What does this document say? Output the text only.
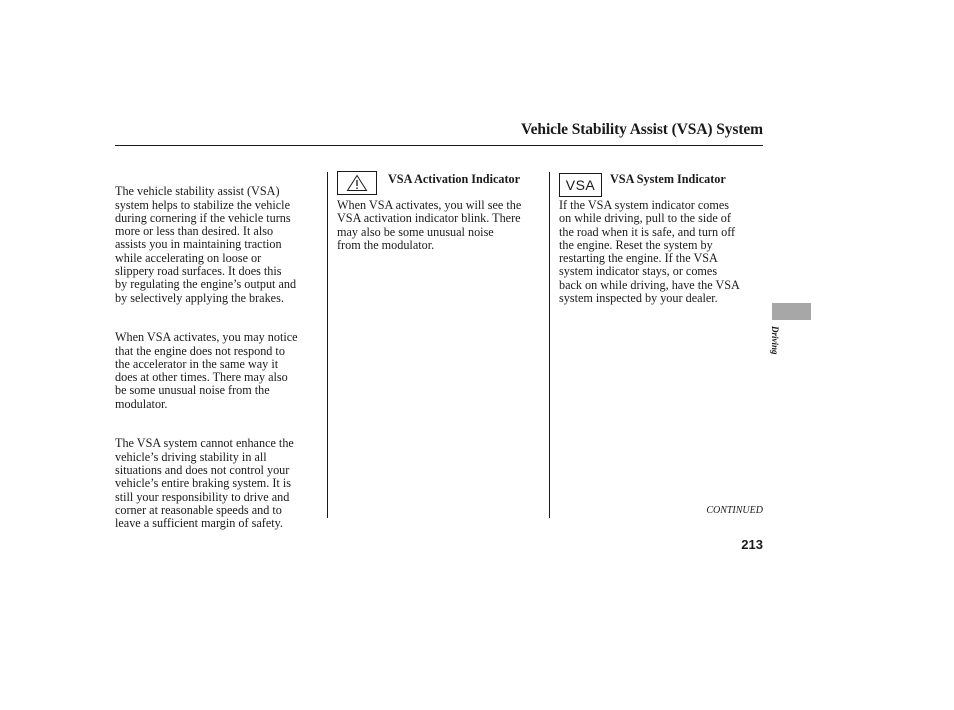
Vehicle Stability Assist (VSA) System

The vehicle stability assist (VSA)
system helps to stabilize the vehicle
during cornering if the vehicle turns
more or less than desired. It also
assists you in maintaining traction
while accelerating on loose or
slippery road surfaces. It does this
by regulating the engine’s output and
by selectively applying the brakes.

When VSA activates, you may notice
that the engine does not respond to
the accelerator in the same way it
does at other times. There may also
be some unusual noise from the
modulator.

The VSA system cannot enhance the
vehicle’s driving stability in all
situations and does not control your
vehicle’s entire braking system. It is
still your responsibility to drive and
corner at reasonable speeds and to
leave a sufficient margin of safety.

VSA Activation Indicator
When VSA activates, you will see the
VSA activation indicator blink. There
may also be some unusual noise
from the modulator.
VSA	VSA System Indicator
If the VSA system indicator comes
on while driving, pull to the side of
the road when it is safe, and turn off
the engine. Reset the system by
restarting the engine. If the VSA
system indicator stays, or comes
back on while driving, have the VSA
system inspected by your dealer.
Driving
CONTINUED
213
